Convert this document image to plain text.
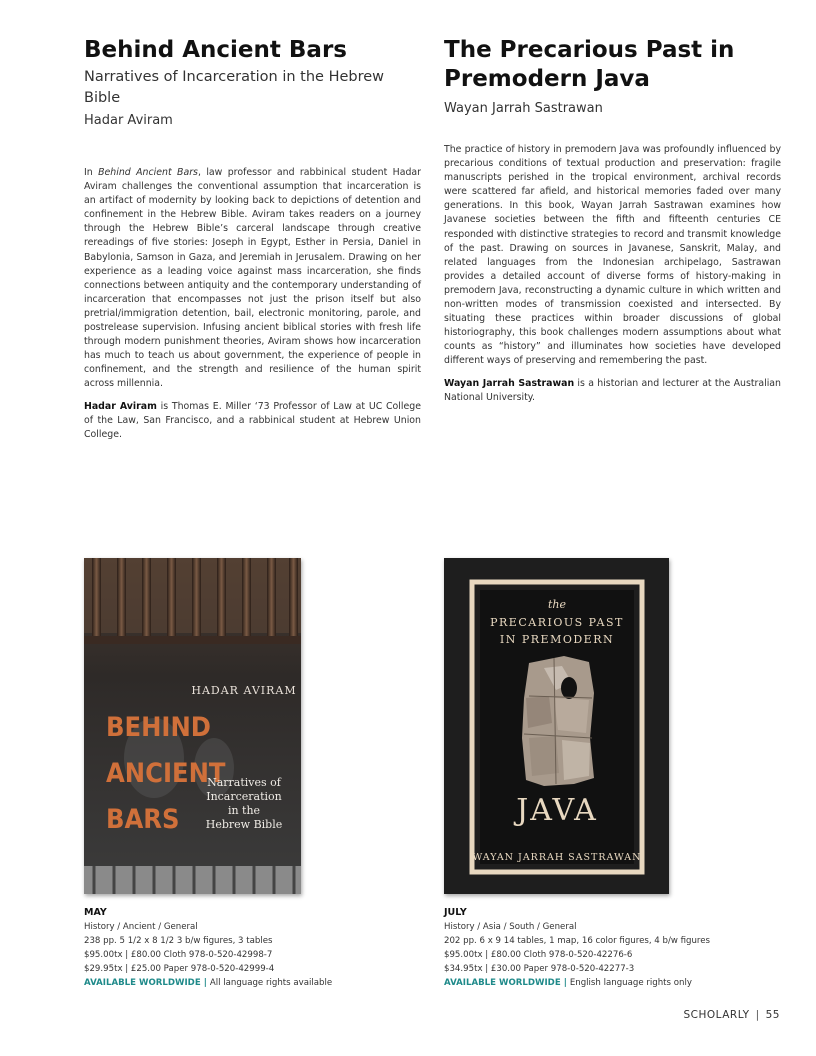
Behind Ancient Bars

Narratives of Incarceration in the Hebrew Bible

Hadar Aviram

In Behind Ancient Bars, law professor and rabbinical student Hadar Aviram challenges the conventional assumption that incarceration is an artifact of modernity by looking back to depictions of detention and confinement in the Hebrew Bible. Aviram takes readers on a journey through the Hebrew Bible’s carceral landscape through creative rereadings of five stories: Joseph in Egypt, Esther in Persia, Daniel in Babylonia, Samson in Gaza, and Jeremiah in Jerusalem. Drawing on her experience as a leading voice against mass incarceration, she finds connections between antiquity and the contemporary understanding of incarceration that encompasses not just the prison itself but also pretrial/immigration detention, bail, electronic monitoring, parole, and postrelease supervision. Infusing ancient biblical stories with fresh life through modern punishment theories, Aviram shows how incarceration has much to teach us about government, the experience of people in confinement, and the strength and resilience of the human spirit across millennia.

Hadar Aviram is Thomas E. Miller ‘73 Professor of Law at UC College of the Law, San Francisco, and a rabbinical student at Hebrew Union College.

The Precarious Past in Premodern Java

Wayan Jarrah Sastrawan

The practice of history in premodern Java was profoundly influenced by precarious conditions of textual production and preservation: fragile manuscripts perished in the tropical environment, archival records were scattered far afield, and historical memories faded over many generations. In this book, Wayan Jarrah Sastrawan examines how Javanese societies between the fifth and fifteenth centuries CE responded with distinctive strategies to record and transmit knowledge of the past. Drawing on sources in Javanese, Sanskrit, Malay, and related languages from the Indonesian archipelago, Sastrawan provides a detailed account of diverse forms of history-making in premodern Java, reconstructing a dynamic culture in which written and non-written modes of transmission coexisted and intersected. By situating these practices within broader discussions of global historiography, this book challenges modern assumptions about what counts as “history” and illuminates how societies have developed different ways of preserving and remembering the past.

Wayan Jarrah Sastrawan is a historian and lecturer at the Australian National University.

HADAR AVIRAM
BEHIND
ANCIENT
BARS
Narratives of
Incarceration
in the
Hebrew Bible
the
PRECARIOUS PAST
IN PREMODERN
JAVA
WAYAN JARRAH SASTRAWAN
MAY
History / Ancient / General
238 pp. 5 1/2 x 8 1/2 3 b/w figures, 3 tables
$95.00tx | £80.00 Cloth 978-0-520-42998-7
$29.95tx | £25.00 Paper 978-0-520-42999-4
AVAILABLE WORLDWIDE | All language rights available
JULY
History / Asia / South / General
202 pp. 6 x 9 14 tables, 1 map, 16 color figures, 4 b/w figures
$95.00tx | £80.00 Cloth 978-0-520-42276-6
$34.95tx | £30.00 Paper 978-0-520-42277-3
AVAILABLE WORLDWIDE | English language rights only
SCHOLARLY | 55
